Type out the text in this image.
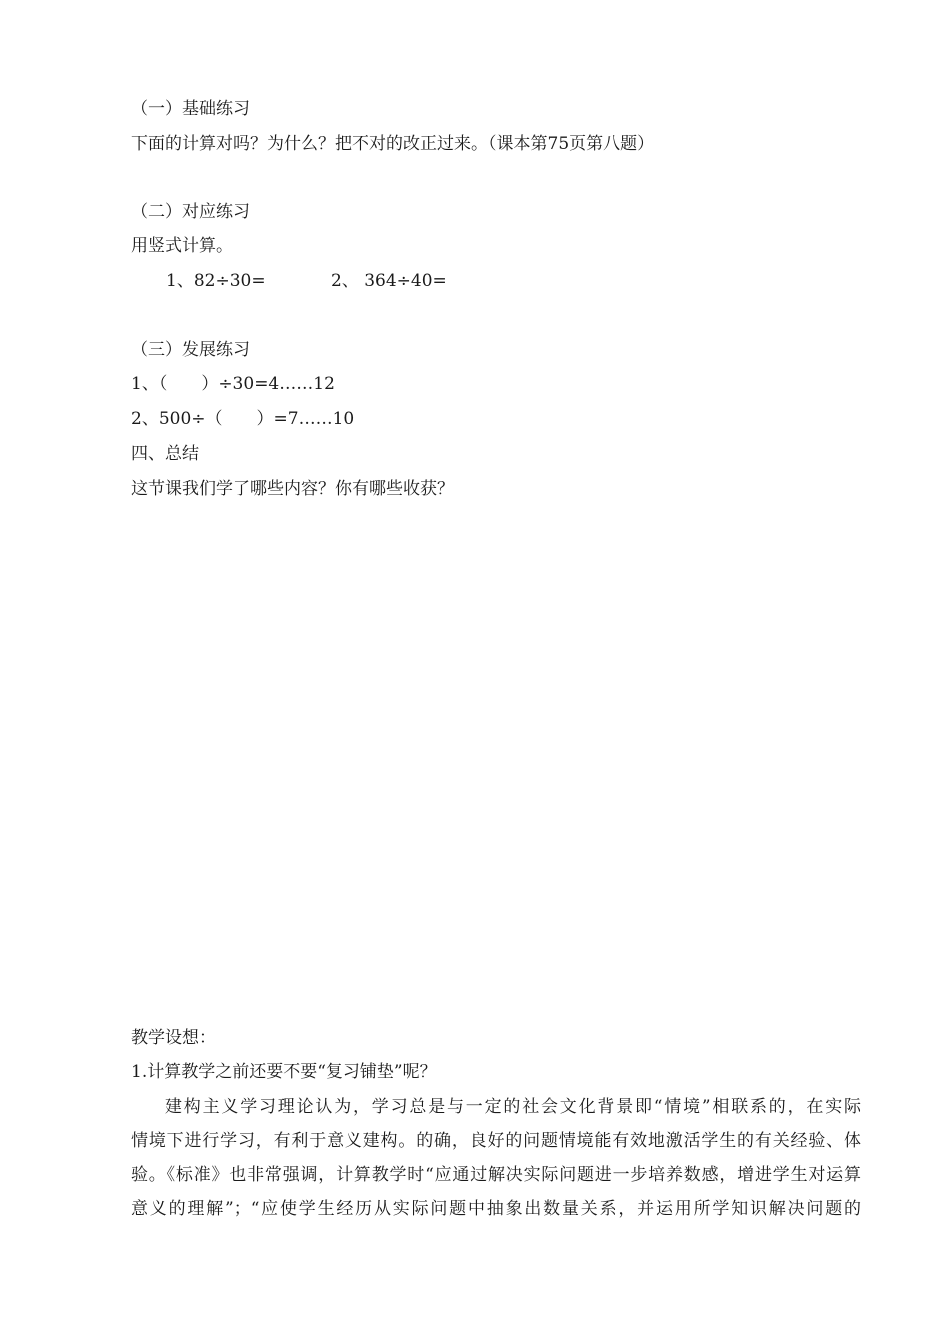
（一）基础练习
下面的计算对吗？为什么？把不对的改正过来。（课本第75页第八题）
（二）对应练习
用竖式计算。
1、82÷30=	2、 364÷40=
（三）发展练习
1、（　　）÷30=4……12
2、500÷（　　）=7……10
四、总结
这节课我们学了哪些内容？你有哪些收获？
教学设想：
1.计算教学之前还要不要“复习铺垫”呢？
建构主义学习理论认为，学习总是与一定的社会文化背景即“情境”相联系的，在实际
情境下进行学习，有利于意义建构。的确，良好的问题情境能有效地激活学生的有关经验、体
验。《标准》也非常强调，计算教学时“应通过解决实际问题进一步培养数感，增进学生对运算
意义的理解”；“应使学生经历从实际问题中抽象出数量关系，并运用所学知识解决问题的
